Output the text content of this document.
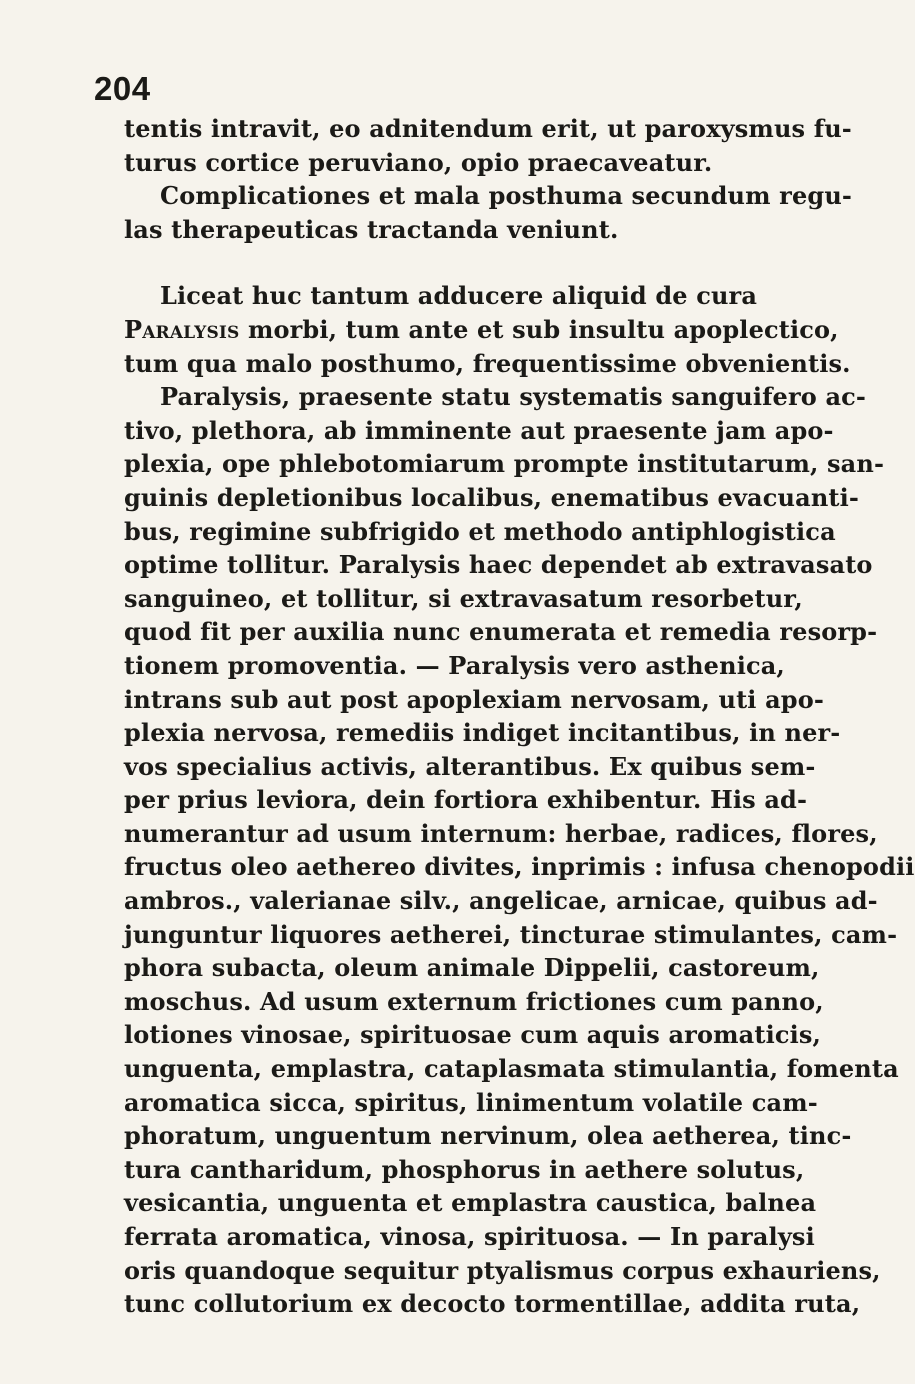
204
tentis intravit, eo adnitendum erit, ut paroxysmus fu-
turus cortice peruviano, opio praecaveatur.
Complicationes et mala posthuma secundum regu-
las therapeuticas tractanda veniunt.
Liceat huc tantum adducere aliquid de cura
Paralysis morbi, tum ante et sub insultu apoplectico,
tum qua malo posthumo, frequentissime obvenientis.
Paralysis, praesente statu systematis sanguifero ac-
tivo, plethora, ab imminente aut praesente jam apo-
plexia, ope phlebotomiarum prompte institutarum, san-
guinis depletionibus localibus, enematibus evacuanti-
bus, regimine subfrigido et methodo antiphlogistica
optime tollitur. Paralysis haec dependet ab extravasato
sanguineo, et tollitur, si extravasatum resorbetur,
quod fit per auxilia nunc enumerata et remedia resorp-
tionem promoventia. — Paralysis vero asthenica,
intrans sub aut post apoplexiam nervosam, uti apo-
plexia nervosa, remediis indiget incitantibus, in ner-
vos specialius activis, alterantibus. Ex quibus sem-
per prius leviora, dein fortiora exhibentur. His ad-
numerantur ad usum internum: herbae, radices, flores,
fructus oleo aethereo divites, inprimis : infusa chenopodii
ambros., valerianae silv., angelicae, arnicae, quibus ad-
junguntur liquores aetherei, tincturae stimulantes, cam-
phora subacta, oleum animale Dippelii, castoreum,
moschus. Ad usum externum frictiones cum panno,
lotiones vinosae, spirituosae cum aquis aromaticis,
unguenta, emplastra, cataplasmata stimulantia, fomenta
aromatica sicca, spiritus, linimentum volatile cam-
phoratum, unguentum nervinum, olea aetherea, tinc-
tura cantharidum, phosphorus in aethere solutus,
vesicantia, unguenta et emplastra caustica, balnea
ferrata aromatica, vinosa, spirituosa. — In paralysi
oris quandoque sequitur ptyalismus corpus exhauriens,
tunc collutorium ex decocto tormentillae, addita ruta,
